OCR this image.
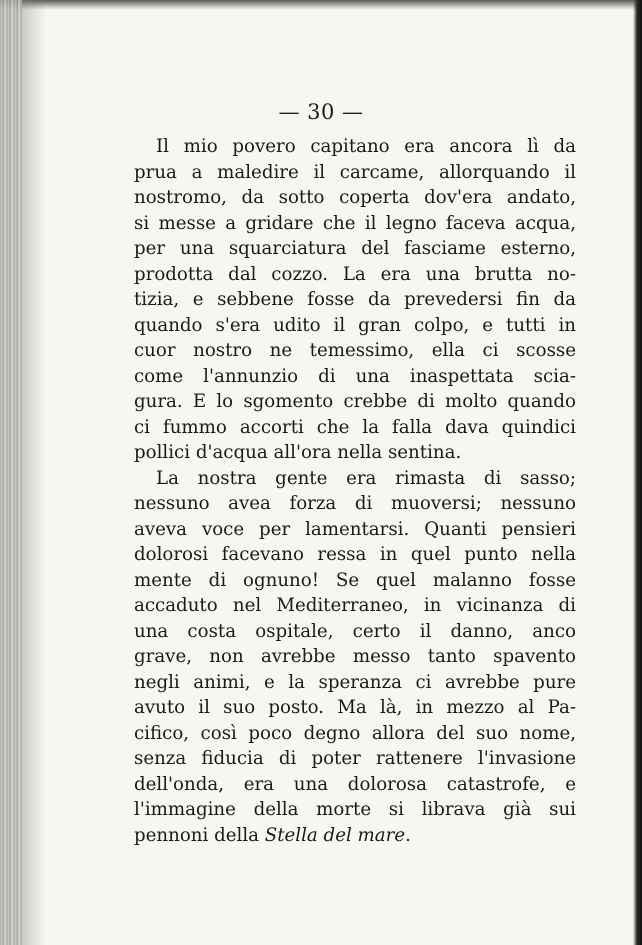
— 30 —
Il mio povero capitano era ancora lì da
prua a maledire il carcame, allorquando il
nostromo, da sotto coperta dov'era andato,
si messe a gridare che il legno faceva acqua,
per una squarciatura del fasciame esterno,
prodotta dal cozzo. La era una brutta no-
tizia, e sebbene fosse da prevedersi fin da
quando s'era udito il gran colpo, e tutti in
cuor nostro ne temessimo, ella ci scosse
come l'annunzio di una inaspettata scia-
gura. E lo sgomento crebbe di molto quando
ci fummo accorti che la falla dava quindici
pollici d'acqua all'ora nella sentina.
La nostra gente era rimasta di sasso;
nessuno avea forza di muoversi; nessuno
aveva voce per lamentarsi. Quanti pensieri
dolorosi facevano ressa in quel punto nella
mente di ognuno! Se quel malanno fosse
accaduto nel Mediterraneo, in vicinanza di
una costa ospitale, certo il danno, anco
grave, non avrebbe messo tanto spavento
negli animi, e la speranza ci avrebbe pure
avuto il suo posto. Ma là, in mezzo al Pa-
cifico, così poco degno allora del suo nome,
senza fiducia di poter rattenere l'invasione
dell'onda, era una dolorosa catastrofe, e
l'immagine della morte si librava già sui
pennoni della Stella del mare.
